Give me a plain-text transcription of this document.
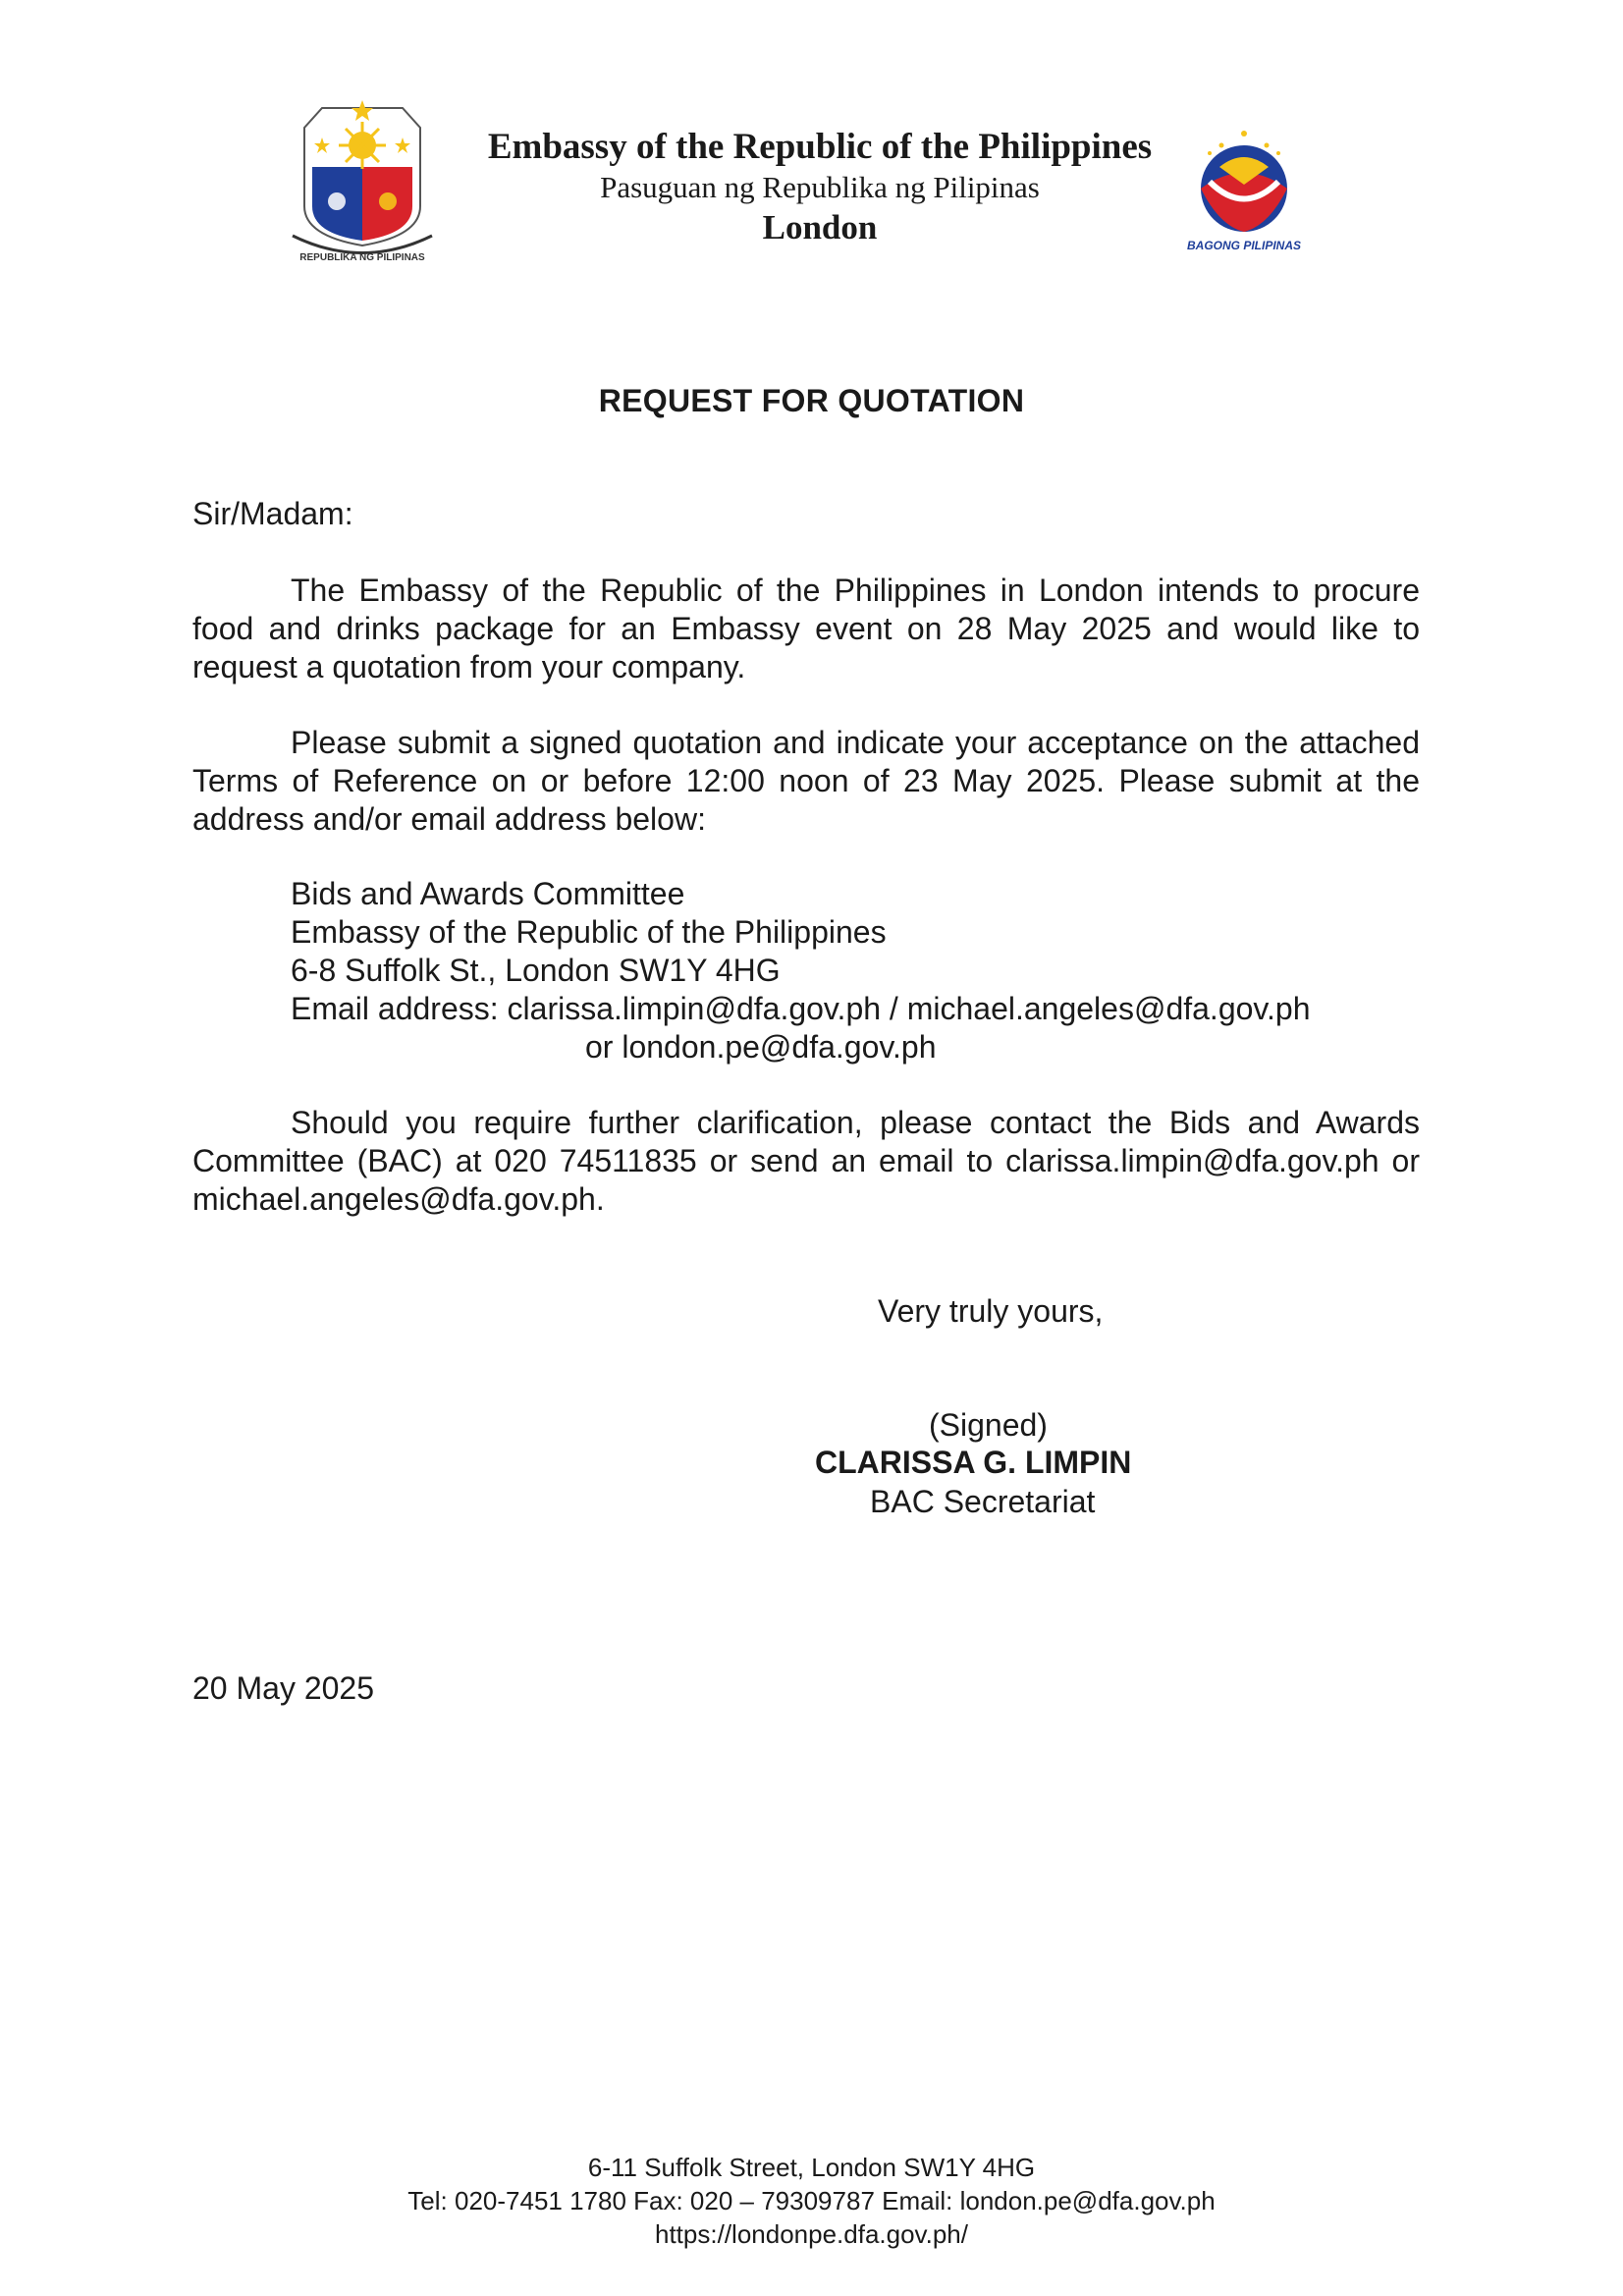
REPUBLIKA NG PILIPINAS
Embassy of the Republic of the Philippines
Pasuguan ng Republika ng Pilipinas
London	BAGONG PILIPINAS
REQUEST FOR QUOTATION
Sir/Madam:
The Embassy of the Republic of the Philippines in London intends to procure food and drinks package for an Embassy event on 28 May 2025 and would like to request a quotation from your company.
Please submit a signed quotation and indicate your acceptance on the attached Terms of Reference on or before 12:00 noon of 23 May 2025. Please submit at the address and/or email address below:
Bids and Awards Committee
Embassy of the Republic of the Philippines
6-8 Suffolk St., London SW1Y 4HG
Email address: clarissa.limpin@dfa.gov.ph / michael.angeles@dfa.gov.ph
or london.pe@dfa.gov.ph
Should you require further clarification, please contact the Bids and Awards Committee (BAC) at 020 74511835 or send an email to clarissa.limpin@dfa.gov.ph or michael.angeles@dfa.gov.ph.
Very truly yours,
(Signed)
CLARISSA G. LIMPIN
BAC Secretariat
20 May 2025
6-11 Suffolk Street, London SW1Y 4HG
Tel: 020-7451 1780 Fax: 020 – 79309787 Email: london.pe@dfa.gov.ph
https://londonpe.dfa.gov.ph/
